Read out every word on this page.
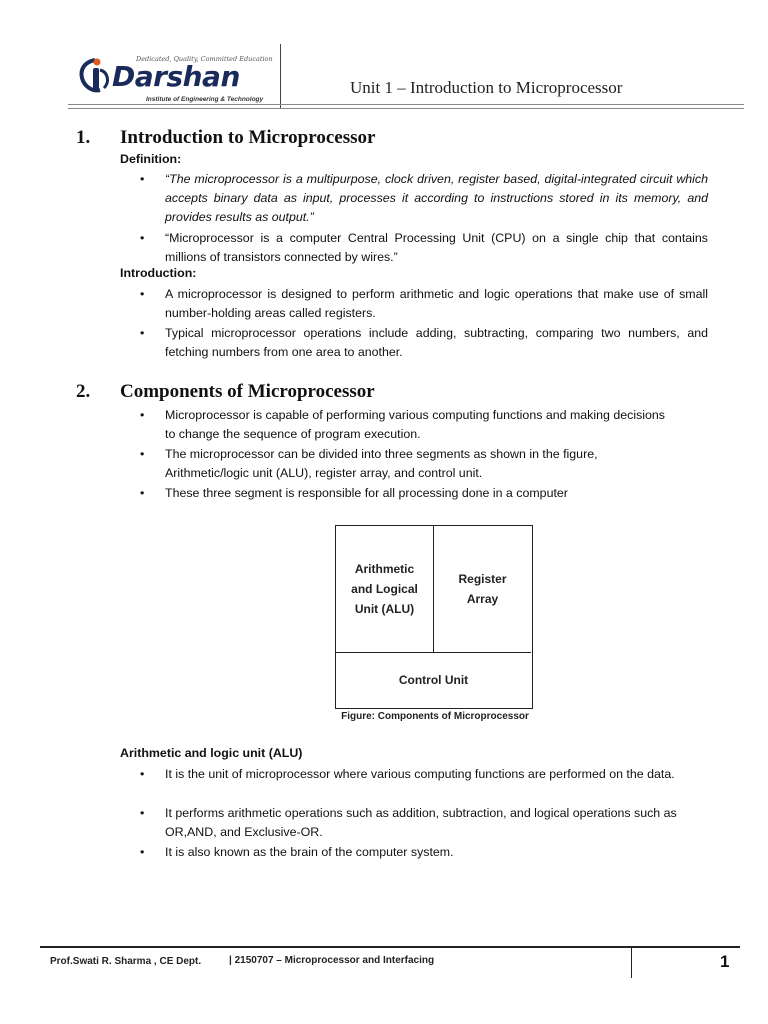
Dedicated, Quality, Committed Education
Darshan
Institute of Engineering & Technology
Unit 1 – Introduction to Microprocessor
1. Introduction to Microprocessor
Definition:
• “The microprocessor is a multipurpose, clock driven, register based, digital-integrated circuit which accepts binary data as input, processes it according to instructions stored in its memory, and provides results as output.”
• “Microprocessor is a computer Central Processing Unit (CPU) on a single chip that contains millions of transistors connected by wires.”
Introduction:
• A microprocessor is designed to perform arithmetic and logic operations that make use of small number-holding areas called registers.
• Typical microprocessor operations include adding, subtracting, comparing two numbers, and fetching numbers from one area to another.
2. Components of Microprocessor
• Microprocessor is capable of performing various computing functions and making decisions to change the sequence of program execution.
• The microprocessor can be divided into three segments as shown in the figure, Arithmetic/logic unit (ALU), register array, and control unit.
• These three segment is responsible for all processing done in a computer
Arithmetic and Logical Unit (ALU)
Register Array
Control Unit
Figure: Components of Microprocessor
Arithmetic and logic unit (ALU)
• It is the unit of microprocessor where various computing functions are performed on the data.
• It performs arithmetic operations such as addition, subtraction, and logical operations such as OR,AND, and Exclusive-OR.
• It is also known as the brain of the computer system.
Prof.Swati R. Sharma , CE Dept.	| 2150707 – Microprocessor and Interfacing	1
